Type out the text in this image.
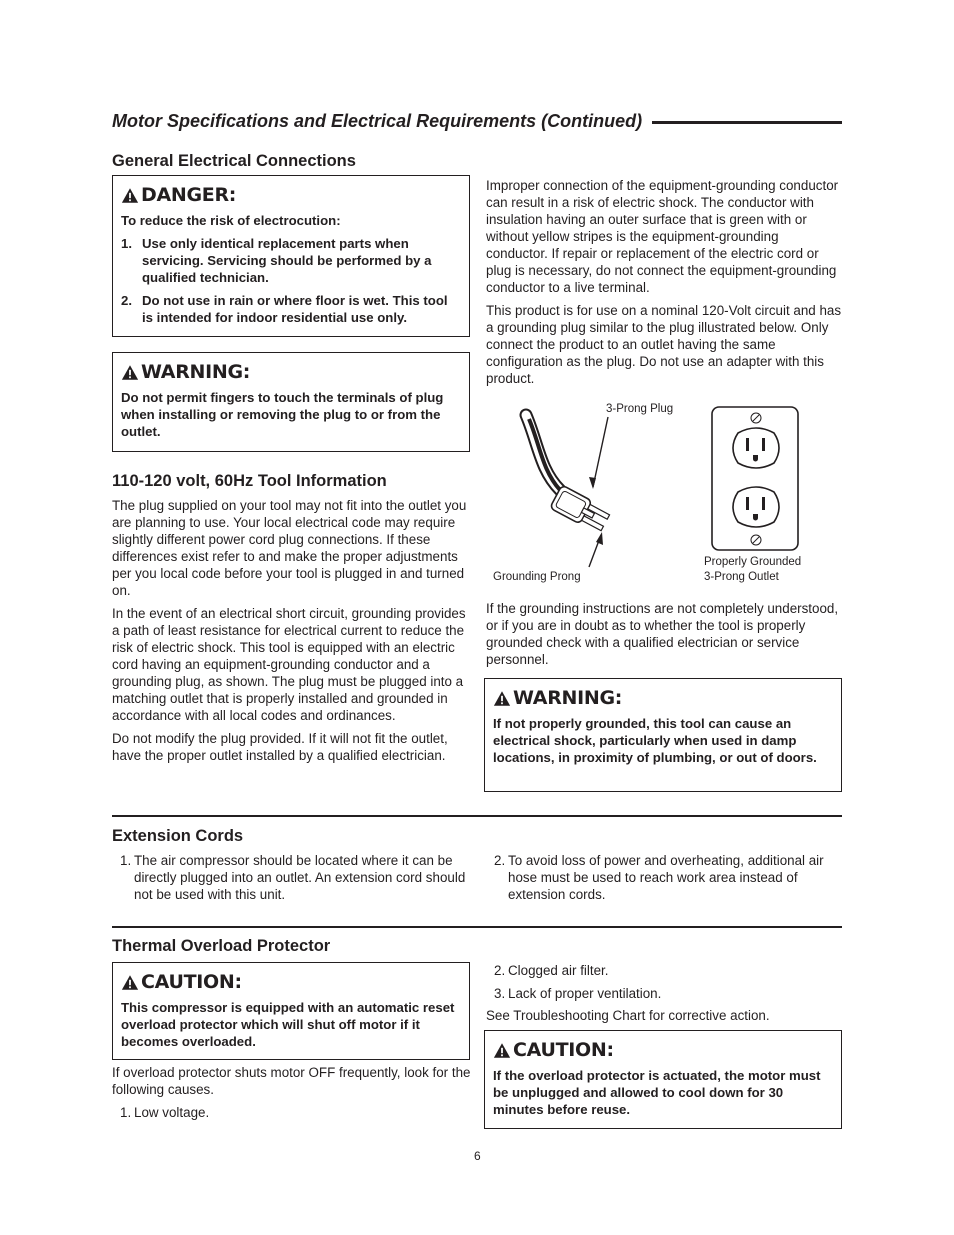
Motor Specifications and Electrical Requirements (Continued)
General Electrical Connections
DANGER:

To reduce the risk of electrocution:

1. Use only identical replacement parts when servicing. Servicing should be performed by a qualified technician.
2. Do not use in rain or where floor is wet. This tool is intended for indoor residential use only.
WARNING:

Do not permit fingers to touch the terminals of plug when installing or removing the plug to or from the outlet.

110-120 volt, 60Hz Tool Information

The plug supplied on your tool may not fit into the outlet you are planning to use. Your local electrical code may require slightly different power cord plug connections. If these differences exist refer to and make the proper adjustments per you local code before your tool is plugged in and turned on.

In the event of an electrical short circuit, grounding provides a path of least resistance for electrical current to reduce the risk of electric shock. This tool is equipped with an electric cord having an equipment-grounding conductor and a grounding plug, as shown. The plug must be plugged into a matching outlet that is properly installed and grounded in accordance with all local codes and ordinances.

Do not modify the plug provided. If it will not fit the outlet, have the proper outlet installed by a qualified electrician.

Improper connection of the equipment-grounding conductor can result in a risk of electric shock. The conductor with insulation having an outer surface that is green with or without yellow stripes is the equipment-grounding conductor. If repair or replacement of the electric cord or plug is necessary, do not connect the equipment-grounding conductor to a live terminal.

This product is for use on a nominal 120-Volt circuit and has a grounding plug similar to the plug illustrated below. Only connect the product to an outlet having the same configuration as the plug. Do not use an adapter with this product.

3-Prong Plug
Grounding Prong
Properly Grounded
3-Prong Outlet

If the grounding instructions are not completely understood, or if you are in doubt as to whether the tool is properly grounded check with a qualified electrician or service personnel.

WARNING:

If not properly grounded, this tool can cause an electrical shock, particularly when used in damp locations, in proximity of plumbing, or out of doors.

Extension Cords
1. The air compressor should be located where it can be directly plugged into an outlet. An extension cord should not be used with this unit.
2. To avoid loss of power and overheating, additional air hose must be used to reach work area instead of extension cords.
Thermal Overload Protector
CAUTION:

This compressor is equipped with an automatic reset overload protector which will shut off motor if it becomes overloaded.

If overload protector shuts motor OFF frequently, look for the following causes.

1. Low voltage.
2. Clogged air filter.
3. Lack of proper ventilation.
See Troubleshooting Chart for corrective action.
CAUTION:

If the overload protector is actuated, the motor must be unplugged and allowed to cool down for 30 minutes before reuse.

6
